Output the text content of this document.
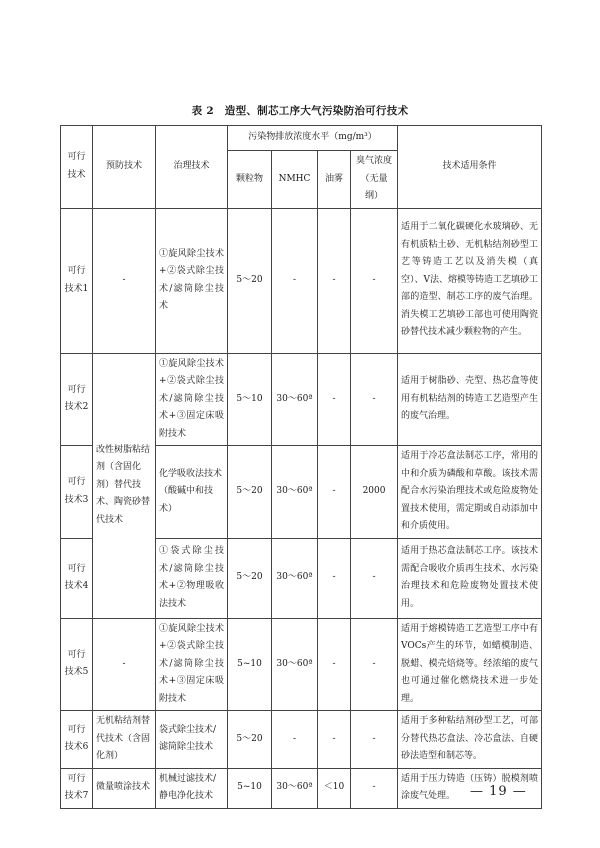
表 2　造型、制芯工序大气污染防治可行技术
可行技术	预防技术	治理技术	污染物排放浓度水平（mg/m³）				技术适用条件
			颗粒物	NMHC	油雾	臭气浓度（无量纲）	
可行技术1	-	①旋风除尘技术+②袋式除尘技术/滤筒除尘技术	5～20	-	-	-	适用于二氧化碳硬化水玻璃砂、无有机质粘土砂、无机粘结剂砂型工艺等铸造工艺以及消失模（真空）、V法、熔模等铸造工艺填砂工部的造型、制芯工序的废气治理。消失模工艺填砂工部也可使用陶瓷砂替代技术减少颗粒物的产生。
可行技术2	改性树脂粘结剂（含固化剂）替代技术、陶瓷砂替代技术	①旋风除尘技术+②袋式除尘技术/滤筒除尘技术+③固定床吸附技术	5～10	30～60ª	-	-	适用于树脂砂、壳型、热芯盒等使用有机粘结剂的铸造工艺造型产生的废气治理。
可行技术3		化学吸收法技术（酸碱中和技术）	5～20	30～60ª	-	2000	适用于冷芯盒法制芯工序，常用的中和介质为磷酸和草酸。该技术需配合水污染治理技术或危险废物处置技术使用，需定期或自动添加中和介质使用。
可行技术4		①袋式除尘技术/滤筒除尘技术+②物理吸收法技术	5～20	30～60ª	-	-	适用于热芯盒法制芯工序。该技术需配合吸收介质再生技术、水污染治理技术和危险废物处置技术使用。
可行技术5	-	①旋风除尘技术+②袋式除尘技术/滤筒除尘技术+③固定床吸附技术	5~10	30～60ª	-	-	适用于熔模铸造工艺造型工序中有VOCs产生的环节，如蜡模制造、脱蜡、模壳焙烧等。经浓缩的废气也可通过催化燃烧技术进一步处理。
可行技术6	无机粘结剂替代技术（含固化剂）	袋式除尘技术/滤筒除尘技术	5～20	-	-	-	适用于多种粘结剂砂型工艺，可部分替代热芯盒法、冷芯盒法、自硬砂法造型和制芯等。
可行技术7	微量喷涂技术	机械过滤技术/静电净化技术	5~10	30～60ª	＜10	-	适用于压力铸造（压铸）脱模剂喷涂废气处理。 — 19 —
